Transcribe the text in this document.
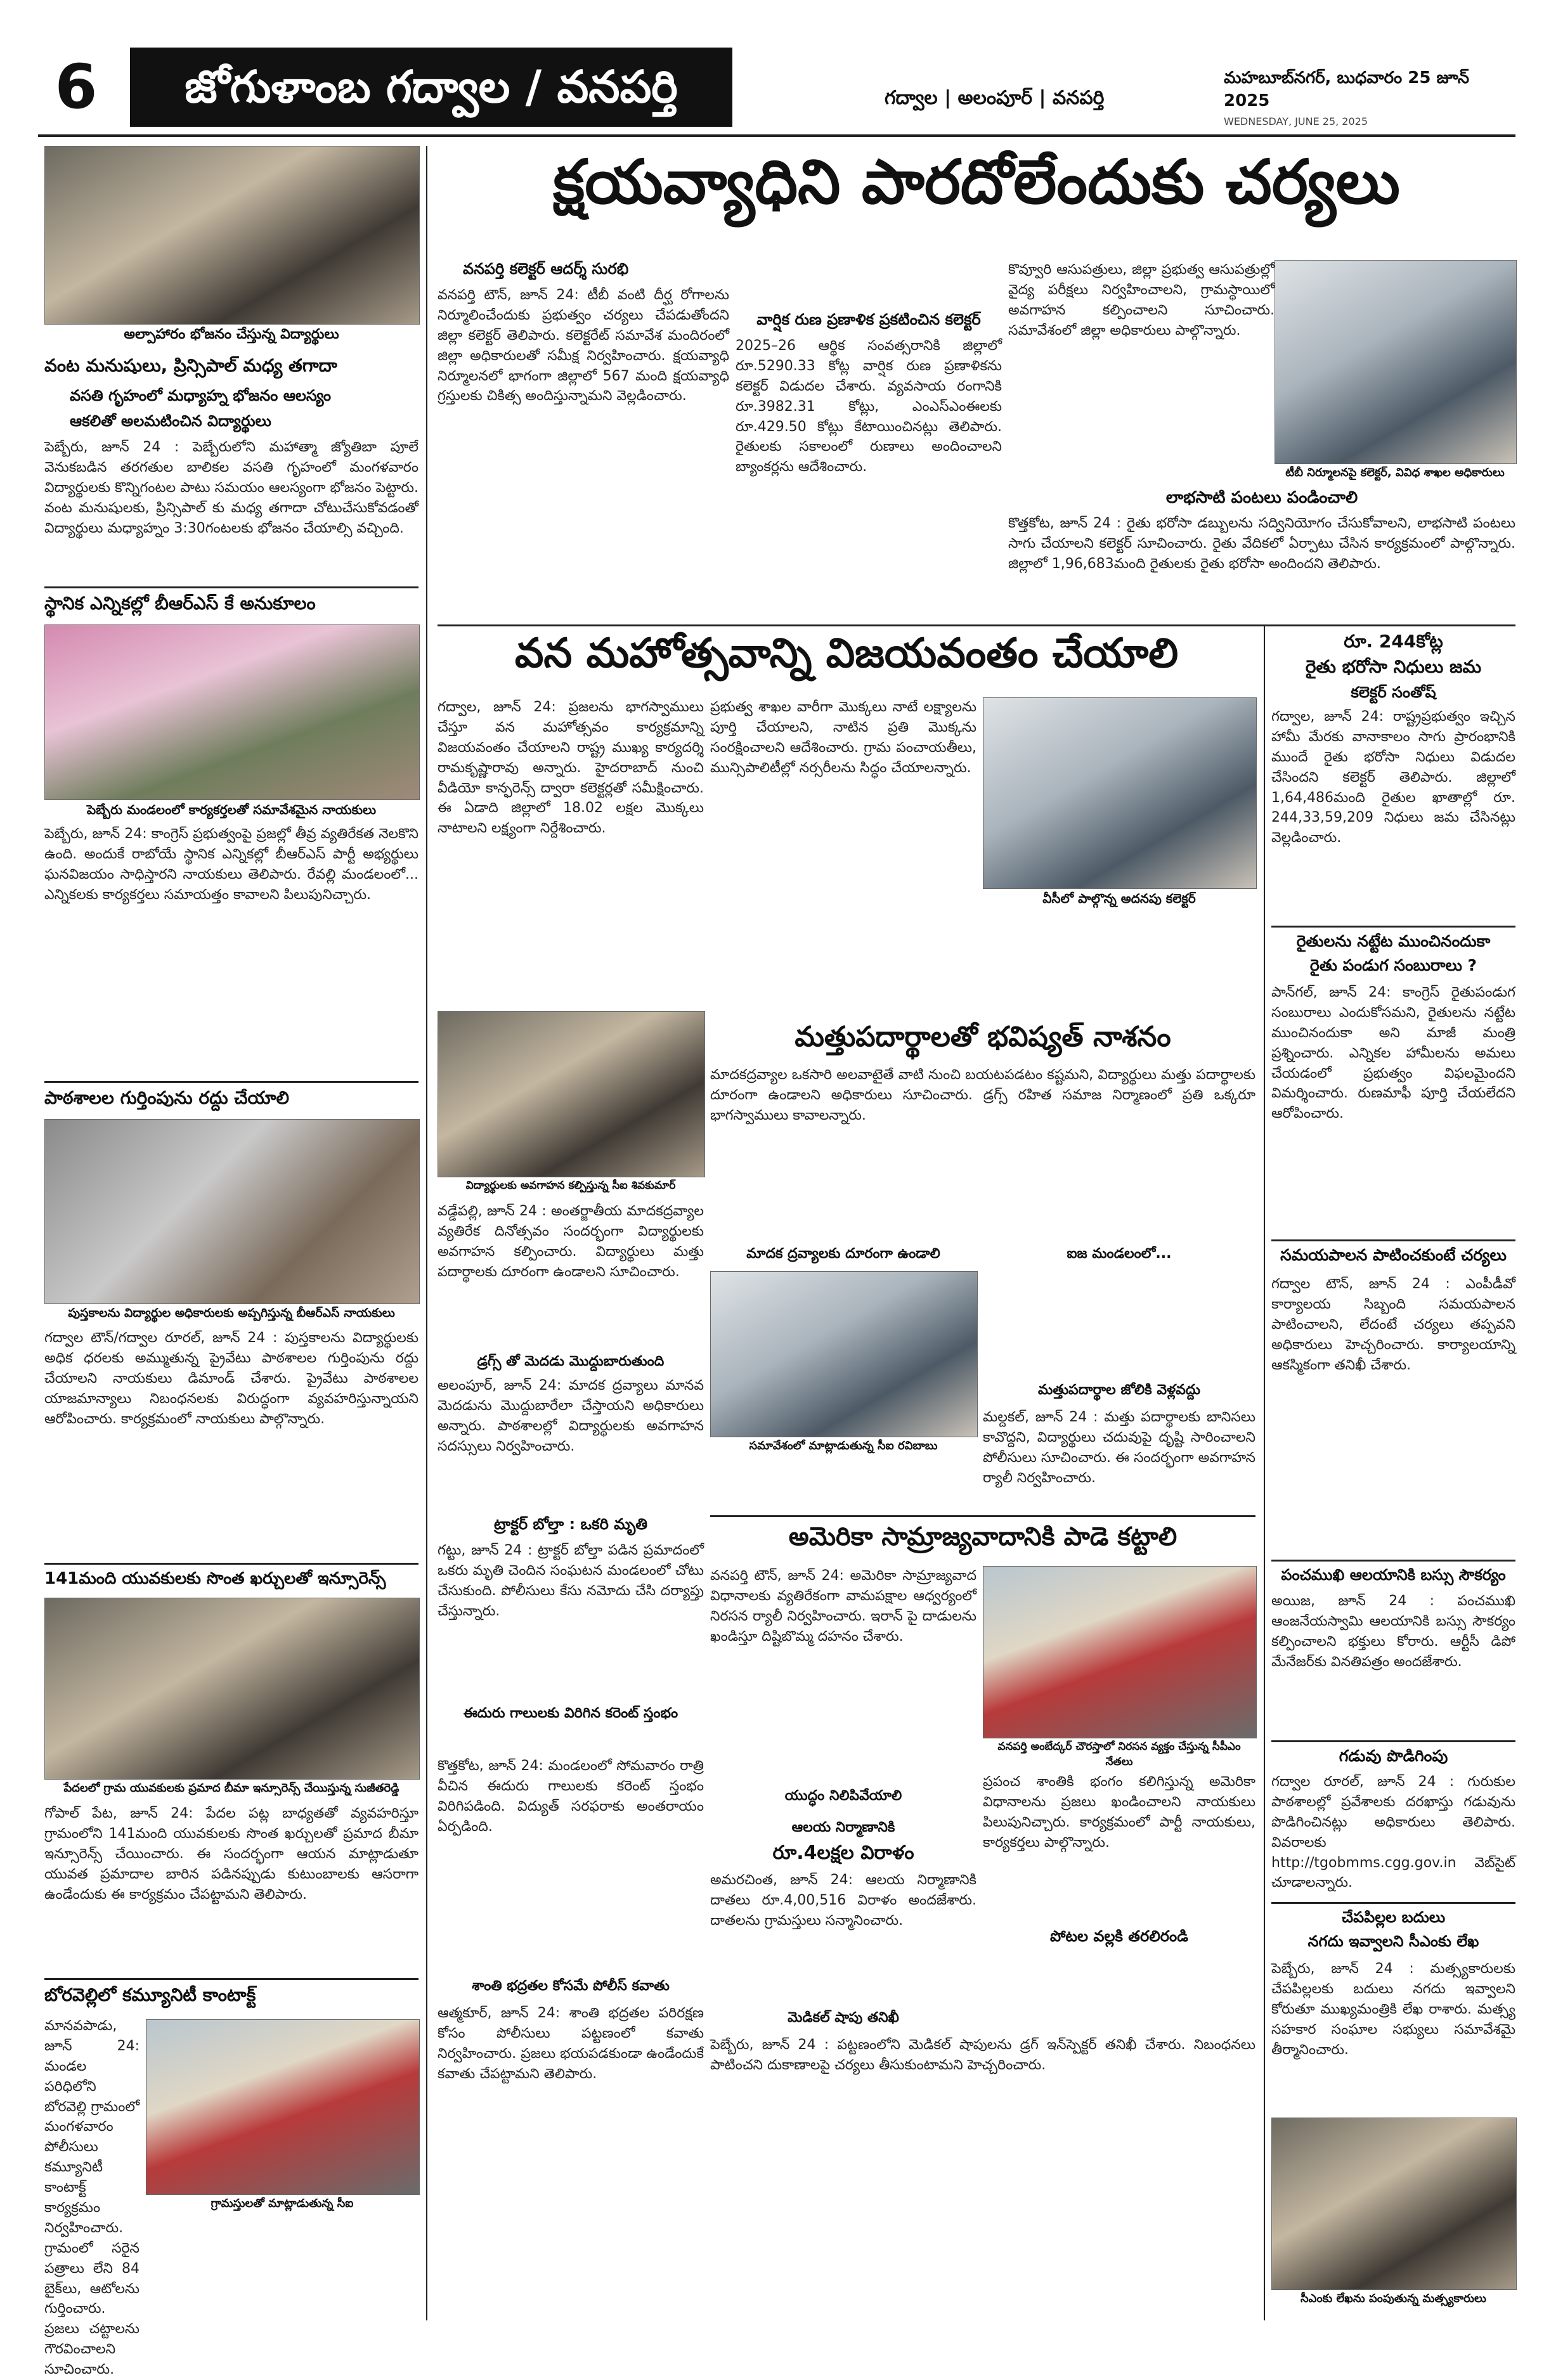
6	జోగుళాంబ గద్వాల / వనపర్తి	గద్వాల | అలంపూర్ | వనపర్తి
మహబూబ్‌నగర్, బుధవారం 25 జూన్ 2025
WEDNESDAY, JUNE 25, 2025
అల్పాహారం భోజనం చేస్తున్న విద్యార్థులు
వంట మనుషులు, ప్రిన్సిపాల్ మధ్య తగాదా
వసతి గృహంలో మధ్యాహ్న భోజనం ఆలస్యం
ఆకలితో అలమటించిన విద్యార్థులు
పెబ్బేరు, జూన్ 24 : పెబ్బేరులోని మహాత్మా జ్యోతిబా పూలే వెనుకబడిన తరగతుల బాలికల వసతి గృహంలో మంగళవారం విద్యార్థులకు కొన్నిగంటల పాటు సమయం ఆలస్యంగా భోజనం పెట్టారు. వంట మనుషులకు, ప్రిన్సిపాల్ కు మధ్య తగాదా చోటుచేసుకోవడంతో విద్యార్థులు మధ్యాహ్నం 3:30గంటలకు భోజనం చేయాల్సి వచ్చింది.
స్థానిక ఎన్నికల్లో బీఆర్ఎస్ కే అనుకూలం
పెబ్బేరు మండలంలో కార్యకర్తలతో సమావేశమైన నాయకులు
పెబ్బేరు, జూన్ 24: కాంగ్రెస్ ప్రభుత్వంపై ప్రజల్లో తీవ్ర వ్యతిరేకత నెలకొని ఉంది. అందుకే రాబోయే స్థానిక ఎన్నికల్లో బీఆర్ఎస్ పార్టీ అభ్యర్థులు ఘనవిజయం సాధిస్తారని నాయకులు తెలిపారు. రేవల్లి మండలంలో... ఎన్నికలకు కార్యకర్తలు సమాయత్తం కావాలని పిలుపునిచ్చారు.
పాఠశాలల గుర్తింపును రద్దు చేయాలి
పుస్తకాలను విద్యార్థుల అధికారులకు అప్పగిస్తున్న బీఆర్ఎస్ నాయకులు
గద్వాల టౌన్/గద్వాల రూరల్, జూన్ 24 : పుస్తకాలను విద్యార్థులకు అధిక ధరలకు అమ్ముతున్న ప్రైవేటు పాఠశాలల గుర్తింపును రద్దు చేయాలని నాయకులు డిమాండ్ చేశారు. ప్రైవేటు పాఠశాలల యాజమాన్యాలు నిబంధనలకు విరుద్ధంగా వ్యవహరిస్తున్నాయని ఆరోపించారు. కార్యక్రమంలో నాయకులు పాల్గొన్నారు.
141మంది యువకులకు సొంత ఖర్చులతో ఇన్సూరెన్స్
పేదలలో గ్రామ యువకులకు ప్రమాద బీమా ఇన్సూరెన్స్ చేయిస్తున్న సుజీతరెడ్డి
గోపాల్ పేట, జూన్ 24: పేదల పట్ల బాధ్యతతో వ్యవహరిస్తూ గ్రామంలోని 141మంది యువకులకు సొంత ఖర్చులతో ప్రమాద బీమా ఇన్సూరెన్స్ చేయించారు. ఈ సందర్భంగా ఆయన మాట్లాడుతూ యువత ప్రమాదాల బారిన పడినప్పుడు కుటుంబాలకు ఆసరాగా ఉండేందుకు ఈ కార్యక్రమం చేపట్టామని తెలిపారు.
బోరవెల్లిలో కమ్యూనిటీ కాంటాక్ట్
మానవపాడు, జూన్ 24: మండల పరిధిలోని బోరవెల్లి గ్రామంలో మంగళవారం పోలీసులు కమ్యూనిటీ కాంటాక్ట్ కార్యక్రమం నిర్వహించారు. గ్రామంలో సరైన పత్రాలు లేని 84 బైక్‌లు, ఆటోలను గుర్తించారు. ప్రజలు చట్టాలను గౌరవించాలని సూచించారు.
గ్రామస్తులతో మాట్లాడుతున్న సీఐ
క్షయవ్యాధిని పారదోలేందుకు చర్యలు
వనపర్తి కలెక్టర్ ఆదర్శ్ సురభి
వనపర్తి టౌన్, జూన్ 24: టీబీ వంటి దీర్ఘ రోగాలను నిర్మూలించేందుకు ప్రభుత్వం చర్యలు చేపడుతోందని జిల్లా కలెక్టర్ తెలిపారు. కలెక్టరేట్ సమావేశ మందిరంలో జిల్లా అధికారులతో సమీక్ష నిర్వహించారు. క్షయవ్యాధి నిర్మూలనలో భాగంగా జిల్లాలో 567 మంది క్షయవ్యాధి గ్రస్తులకు చికిత్స అందిస్తున్నామని వెల్లడించారు.
వార్షిక రుణ ప్రణాళిక ప్రకటించిన కలెక్టర్
2025–26 ఆర్థిక సంవత్సరానికి జిల్లాలో రూ.5290.33 కోట్ల వార్షిక రుణ ప్రణాళికను కలెక్టర్ విడుదల చేశారు. వ్యవసాయ రంగానికి రూ.3982.31 కోట్లు, ఎంఎస్ఎంఈలకు రూ.429.50 కోట్లు కేటాయించినట్లు తెలిపారు. రైతులకు సకాలంలో రుణాలు అందించాలని బ్యాంకర్లను ఆదేశించారు.
కొవ్వూరి ఆసుపత్రులు, జిల్లా ప్రభుత్వ ఆసుపత్రుల్లో వైద్య పరీక్షలు నిర్వహించాలని, గ్రామస్థాయిలో అవగాహన కల్పించాలని సూచించారు. సమావేశంలో జిల్లా అధికారులు పాల్గొన్నారు.
టీబీ నిర్మూలనపై కలెక్టర్, వివిధ శాఖల అధికారులు
లాభసాటి పంటలు పండించాలి
కొత్తకోట, జూన్ 24 : రైతు భరోసా డబ్బులను సద్వినియోగం చేసుకోవాలని, లాభసాటి పంటలు సాగు చేయాలని కలెక్టర్ సూచించారు. రైతు వేదికలో ఏర్పాటు చేసిన కార్యక్రమంలో పాల్గొన్నారు. జిల్లాలో 1,96,683మంది రైతులకు రైతు భరోసా అందిందని తెలిపారు.
వన మహోత్సవాన్ని విజయవంతం చేయాలి
గద్వాల, జూన్ 24: ప్రజలను భాగస్వాములు చేస్తూ వన మహోత్సవం కార్యక్రమాన్ని విజయవంతం చేయాలని రాష్ట్ర ముఖ్య కార్యదర్శి రామకృష్ణారావు అన్నారు. హైదరాబాద్ నుంచి వీడియో కాన్ఫరెన్స్ ద్వారా కలెక్టర్లతో సమీక్షించారు. ఈ ఏడాది జిల్లాలో 18.02 లక్షల మొక్కలు నాటాలని లక్ష్యంగా నిర్దేశించారు.
ప్రభుత్వ శాఖల వారీగా మొక్కలు నాటే లక్ష్యాలను పూర్తి చేయాలని, నాటిన ప్రతి మొక్కను సంరక్షించాలని ఆదేశించారు. గ్రామ పంచాయతీలు, మున్సిపాలిటీల్లో నర్సరీలను సిద్ధం చేయాలన్నారు.
వీసీలో పాల్గొన్న అదనపు కలెక్టర్
విద్యార్థులకు అవగాహన కల్పిస్తున్న సీఐ శివకుమార్
వడ్డేపల్లి, జూన్ 24 : అంతర్జాతీయ మాదకద్రవ్యాల వ్యతిరేక దినోత్సవం సందర్భంగా విద్యార్థులకు అవగాహన కల్పించారు. విద్యార్థులు మత్తు పదార్థాలకు దూరంగా ఉండాలని సూచించారు.
డ్రగ్స్ తో మెదడు మొద్దుబారుతుంది
అలంపూర్, జూన్ 24: మాదక ద్రవ్యాలు మానవ మెదడును మొద్దుబారేలా చేస్తాయని అధికారులు అన్నారు. పాఠశాలల్లో విద్యార్థులకు అవగాహన సదస్సులు నిర్వహించారు.
ట్రాక్టర్ బోల్తా : ఒకరి మృతి
గట్టు, జూన్ 24 : ట్రాక్టర్ బోల్తా పడిన ప్రమాదంలో ఒకరు మృతి చెందిన సంఘటన మండలంలో చోటు చేసుకుంది. పోలీసులు కేసు నమోదు చేసి దర్యాప్తు చేస్తున్నారు.
ఈదురు గాలులకు విరిగిన కరెంట్ స్తంభం
కొత్తకోట, జూన్ 24: మండలంలో సోమవారం రాత్రి వీచిన ఈదురు గాలులకు కరెంట్ స్తంభం విరిగిపడింది. విద్యుత్ సరఫరాకు అంతరాయం ఏర్పడింది.
శాంతి భద్రతల కోసమే పోలీస్ కవాతు
ఆత్మకూర్, జూన్ 24: శాంతి భద్రతల పరిరక్షణ కోసం పోలీసులు పట్టణంలో కవాతు నిర్వహించారు. ప్రజలు భయపడకుండా ఉండేందుకే కవాతు చేపట్టామని తెలిపారు.
మత్తుపదార్థాలతో భవిష్యత్ నాశనం
మాదకద్రవ్యాల ఒకసారి అలవాటైతే వాటి నుంచి బయటపడటం కష్టమని, విద్యార్థులు మత్తు పదార్థాలకు దూరంగా ఉండాలని అధికారులు సూచించారు. డ్రగ్స్ రహిత సమాజ నిర్మాణంలో ప్రతి ఒక్కరూ భాగస్వాములు కావాలన్నారు.
మాదక ద్రవ్యాలకు దూరంగా ఉండాలి
సమావేశంలో మాట్లాడుతున్న సీఐ రవిబాబు
ఐజ మండలంలో...
మత్తుపదార్థాల జోలికి వెళ్లవద్దు
మల్దకల్, జూన్ 24 : మత్తు పదార్థాలకు బానిసలు కావొద్దని, విద్యార్థులు చదువుపై దృష్టి సారించాలని పోలీసులు సూచించారు. ఈ సందర్భంగా అవగాహన ర్యాలీ నిర్వహించారు.
అమెరికా సామ్రాజ్యవాదానికి పాడె కట్టాలి
వనపర్తి టౌన్, జూన్ 24: అమెరికా సామ్రాజ్యవాద విధానాలకు వ్యతిరేకంగా వామపక్షాల ఆధ్వర్యంలో నిరసన ర్యాలీ నిర్వహించారు. ఇరాన్ పై దాడులను ఖండిస్తూ దిష్టిబొమ్మ దహనం చేశారు.
వనపర్తి అంబేద్కర్ చౌరస్తాలో నిరసన వ్యక్తం చేస్తున్న సీపీఎం నేతలు
ప్రపంచ శాంతికి భంగం కలిగిస్తున్న అమెరికా విధానాలను ప్రజలు ఖండించాలని నాయకులు పిలుపునిచ్చారు. కార్యక్రమంలో పార్టీ నాయకులు, కార్యకర్తలు పాల్గొన్నారు.
యుద్ధం నిలిపివేయాలి
ఆలయ నిర్మాణానికి
రూ.4లక్షల విరాళం
అమరచింత, జూన్ 24: ఆలయ నిర్మాణానికి దాతలు రూ.4,00,516 విరాళం అందజేశారు. దాతలను గ్రామస్తులు సన్మానించారు.
పోటల వల్లకి తరలిరండి
మెడికల్ షాపు తనిఖీ
పెబ్బేరు, జూన్ 24 : పట్టణంలోని మెడికల్ షాపులను డ్రగ్ ఇన్‌స్పెక్టర్ తనిఖీ చేశారు. నిబంధనలు పాటించని దుకాణాలపై చర్యలు తీసుకుంటామని హెచ్చరించారు.
రూ. 244కోట్ల
రైతు భరోసా నిధులు జమ
కలెక్టర్ సంతోష్
గద్వాల, జూన్ 24: రాష్ట్రప్రభుత్వం ఇచ్చిన హామీ మేరకు వానాకాలం సాగు ప్రారంభానికి ముందే రైతు భరోసా నిధులు విడుదల చేసిందని కలెక్టర్ తెలిపారు. జిల్లాలో 1,64,486మంది రైతుల ఖాతాల్లో రూ. 244,33,59,209 నిధులు జమ చేసినట్లు వెల్లడించారు.
రైతులను నట్టేట ముంచినందుకా
రైతు పండుగ సంబురాలు ?
పాన్‌గల్, జూన్ 24: కాంగ్రెస్ రైతుపండుగ సంబురాలు ఎందుకోసమని, రైతులను నట్టేట ముంచినందుకా అని మాజీ మంత్రి ప్రశ్నించారు. ఎన్నికల హామీలను అమలు చేయడంలో ప్రభుత్వం విఫలమైందని విమర్శించారు. రుణమాఫీ పూర్తి చేయలేదని ఆరోపించారు.
సమయపాలన పాటించకుంటే చర్యలు
గద్వాల టౌన్, జూన్ 24 : ఎంపీడీవో కార్యాలయ సిబ్బంది సమయపాలన పాటించాలని, లేదంటే చర్యలు తప్పవని అధికారులు హెచ్చరించారు. కార్యాలయాన్ని ఆకస్మికంగా తనిఖీ చేశారు.
పంచముఖి ఆలయానికి బస్సు సౌకర్యం
అయిజ, జూన్ 24 : పంచముఖి ఆంజనేయస్వామి ఆలయానికి బస్సు సౌకర్యం కల్పించాలని భక్తులు కోరారు. ఆర్టీసీ డిపో మేనేజర్‌కు వినతిపత్రం అందజేశారు.
గడువు పొడిగింపు
గద్వాల రూరల్, జూన్ 24 : గురుకుల పాఠశాలల్లో ప్రవేశాలకు దరఖాస్తు గడువును పొడిగించినట్లు అధికారులు తెలిపారు. వివరాలకు http://tgobmms.cgg.gov.in వెబ్‌సైట్ చూడాలన్నారు.
చేపపిల్లల బదులు
నగదు ఇవ్వాలని సీఎంకు లేఖ
పెబ్బేరు, జూన్ 24 : మత్స్యకారులకు చేపపిల్లలకు బదులు నగదు ఇవ్వాలని కోరుతూ ముఖ్యమంత్రికి లేఖ రాశారు. మత్స్య సహకార సంఘాల సభ్యులు సమావేశమై తీర్మానించారు.
సీఎంకు లేఖను పంపుతున్న మత్స్యకారులు
